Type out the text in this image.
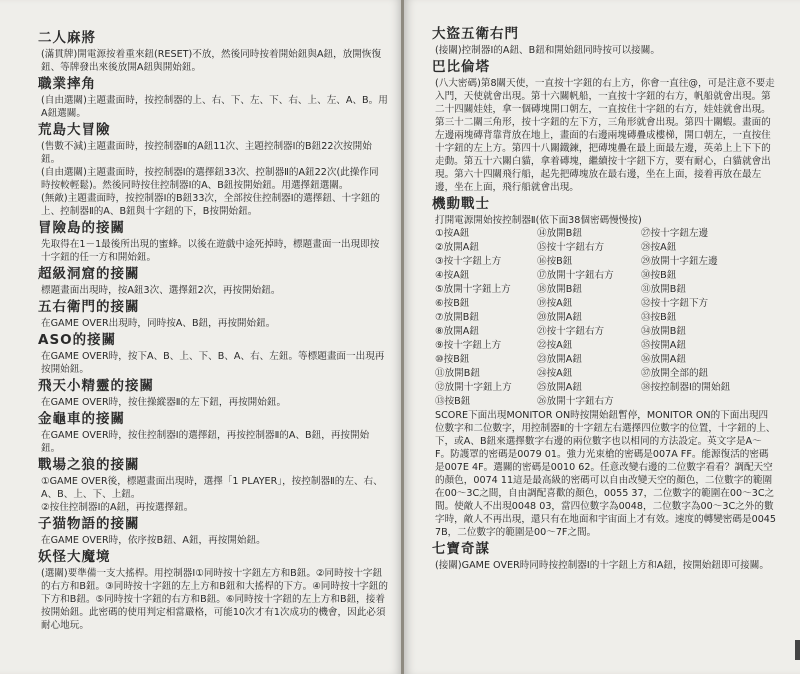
二人麻將

(滿貫牌)開電源按着重來鈕(RESET)不放，然後同時按着開始鈕與A鈕，放開恢復鈕、等牌發出來後放開A鈕與開始鈕。

職業摔角

(自由選關)主題畫面時，按控制器的上、右、下、左、下、右、上、左、A、B。用A鈕選關。

荒島大冒險

(售數不減)主題畫面時，按控制器Ⅱ的A鈕11次、主題控制器Ⅰ的B鈕22次按開始鈕。

(自由選關)主題畫面時，按控制器Ⅰ的選擇鈕33次、控制器Ⅱ的A鈕22次(此操作同時按較輕鬆)。然後同時按住控制器Ⅰ的A、B鈕按開始鈕。用選擇鈕選關。

(無敵)主題畫面時，按控制器Ⅰ的B鈕33次，全部按住控制器Ⅰ的選擇鈕、十字鈕的上、控制器Ⅱ的A、B鈕與十字鈕的下，B按開始鈕。

冒險島的接關

先取得在1－1最後所出現的蜜蜂。以後在遊戲中途死掉時，標題畫面一出現即按十字鈕的任一方和開始鈕。

超級洞窟的接關

標題畫面出現時，按A鈕3次、選擇鈕2次，再按開始鈕。

五右衛門的接關

在GAME OVER出現時，同時按A、B鈕，再按開始鈕。

ASO的接關

在GAME OVER時，按下A、B、上、下、B、A、右、左鈕。等標題畫面一出現再按開始鈕。

飛天小精靈的接關

在GAME OVER時，按住操縱器Ⅱ的左下鈕，再按開始鈕。

金龜車的接關

在GAME OVER時，按住控制器Ⅰ的選擇鈕，再按控制器Ⅱ的A、B鈕，再按開始鈕。

戰場之狼的接關

①GAME OVER後，標題畫面出現時，選擇「1 PLAYER」，按控制器Ⅱ的左、右、A、B、上、下、上鈕。

②按住控制器Ⅰ的A鈕，再按選擇鈕。

子猫物語的接關

在GAME OVER時，依序按B鈕、A鈕，再按開始鈕。

妖怪大魔境

(選關)要準備一支大搖桿。用控制器Ⅰ①同時按十字鈕左方和B鈕。②同時按十字鈕的右方和B鈕。③同時按十字鈕的左上方和B鈕和大搖桿的下方。④同時按十字鈕的下方和B鈕。⑤同時按十字鈕的右方和B鈕。⑥同時按十字鈕的左上方和B鈕，接着按開始鈕。此密碼的使用判定相當嚴格，可能10次才有1次成功的機會，因此必須耐心地玩。

大盜五衛右門

(接關)控制器Ⅰ的A鈕、B鈕和開始鈕同時按可以接關。

巴比倫塔

(八大密碼)第8關天使，一直按十字鈕的右上方，你會一直往@，可是注意不要走入門，天使就會出現。第十六關帆船，一直按十字鈕的右方，帆船就會出現。第二十四關娃娃，拿一個磚塊開口朝左，一直按住十字鈕的右方，娃娃就會出現。第三十二關三角形，按十字鈕的左下方，三角形就會出現。第四十關蝦。畫面的左邊兩塊磚背靠背放在地上，畫面的右邊兩塊磚疊成樓梯，開口朝左，一直按住十字鈕的左上方。第四十八關鐵鍊，把磚塊疊在最上面最左邊，英弟上上下下的走動。第五十六關白貓，拿着磚塊，繼續按十字鈕下方，要有耐心，白貓就會出現。第六十四關飛行船，起先把磚塊放在最右邊，坐在上面，接着再放在最左邊，坐在上面，飛行船就會出現。

機動戰士

打開電源開始按控制器Ⅱ(依下面38個密碼慢慢按)

①按A鈕	⑭放開B鈕	㉗按十字鈕左邊
②放開A鈕	⑮按十字鈕右方	㉘按A鈕
③按十字鈕上方	⑯按B鈕	㉙放開十字鈕左邊
④按A鈕	⑰放開十字鈕右方	㉚按B鈕
⑤放開十字鈕上方	⑱放開B鈕	㉛放開B鈕
⑥按B鈕	⑲按A鈕	㉜按十字鈕下方
⑦放開B鈕	⑳放開A鈕	㉝按B鈕
⑧放開A鈕	㉑按十字鈕右方	㉞放開B鈕
⑨按十字鈕上方	㉒按A鈕	㉟按開A鈕
⑩按B鈕	㉓放開A鈕	㊱放開A鈕
⑪放開B鈕	㉔按A鈕	㊲放開全部的鈕
⑫放開十字鈕上方	㉕放開A鈕	㊳按控制器Ⅰ的開始鈕
⑬按B鈕	㉖放開十字鈕右方

SCORE下面出現MONITOR ON時按開始鈕暫停，MONITOR ON的下面出現四位數字和二位數字，用控制器Ⅱ的十字鈕左右選擇四位數字的位置，十字鈕的上、下，或A、B鈕來選擇數字右邊的兩位數字也以相同的方法設定。英文字是A～F。防護罩的密碼是0079 01。強力光束槍的密碼是007A FF。能源復活的密碼是007E 4F。選關的密碼是0010 62。任意改變右邊的二位數字看看？調配天空的顏色，0074 11這是最高級的密碼可以自由改變天空的顏色，二位數字的範圍在00～3C之間，自由調配喜歡的顏色，0055 37，二位數字的範圍在00～3C之間。使敵人不出現0048 03，當四位數字為0048，二位數字為00～3C之外的數字時，敵人不再出現，還只有在地面和宇宙面上才有效。速度的轉變密碼是0045 7B，二位數字的範圍是00～7F之間。

七寶奇謀

(接關)GAME OVER時同時按控制器Ⅰ的十字鈕上方和A鈕，按開始鈕即可接關。
